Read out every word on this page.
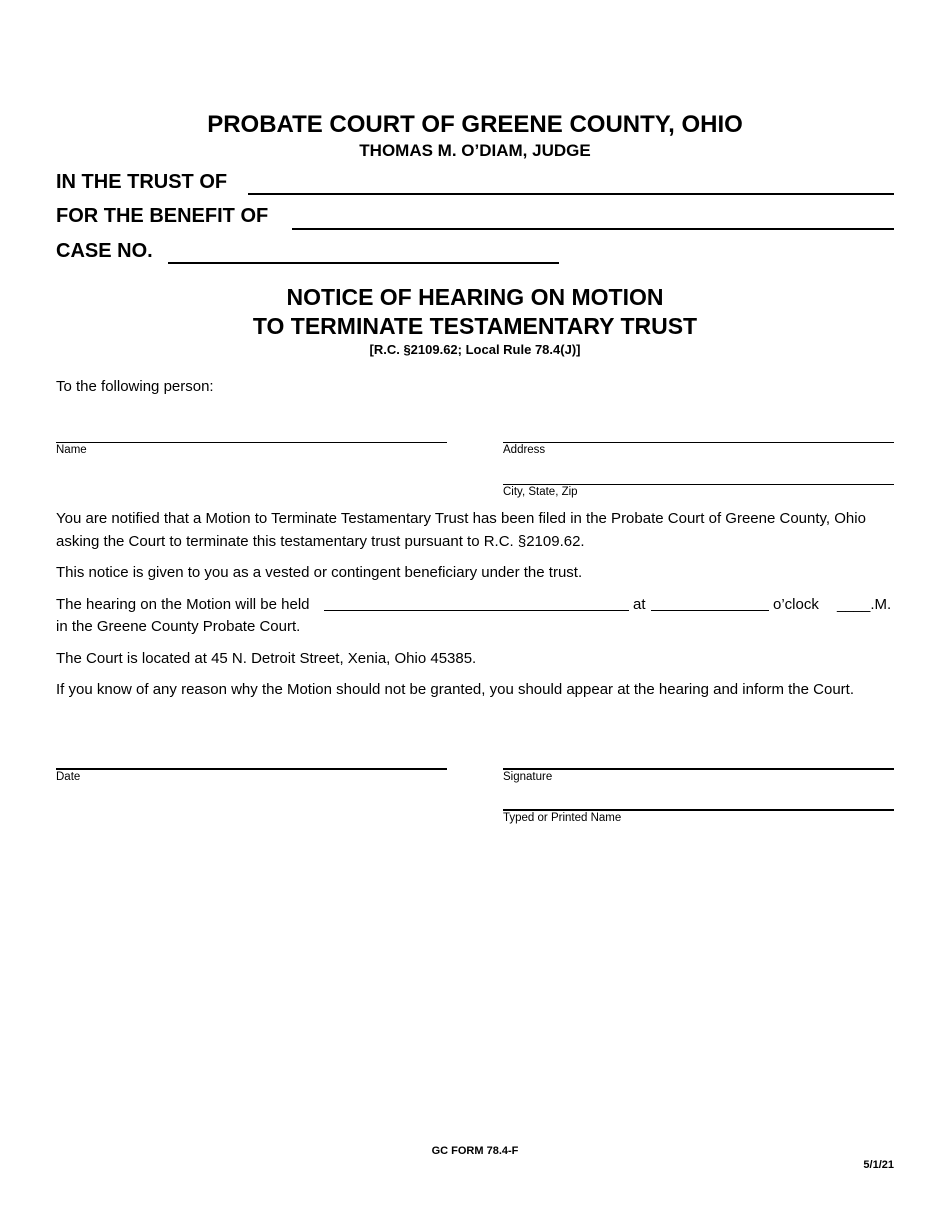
PROBATE COURT OF GREENE COUNTY, OHIO
THOMAS M. O’DIAM, JUDGE
IN THE TRUST OF
FOR THE BENEFIT OF
CASE NO.
NOTICE OF HEARING ON MOTION
TO TERMINATE TESTAMENTARY TRUST
[R.C. §2109.62; Local Rule 78.4(J)]
To the following person:
Name	Address
City, State, Zip
You are notified that a Motion to Terminate Testamentary Trust has been filed in the Probate Court of Greene County, Ohio
asking the Court to terminate this testamentary trust pursuant to R.C. §2109.62.
This notice is given to you as a vested or contingent beneficiary under the trust.
The hearing on the Motion will be held	at	o’clock ____.M.
in the Greene County Probate Court.
The Court is located at 45 N. Detroit Street, Xenia, Ohio 45385.
If you know of any reason why the Motion should not be granted, you should appear at the hearing and inform the Court.
Date	Signature
Typed or Printed Name
GC FORM 78.4-F
5/1/21
